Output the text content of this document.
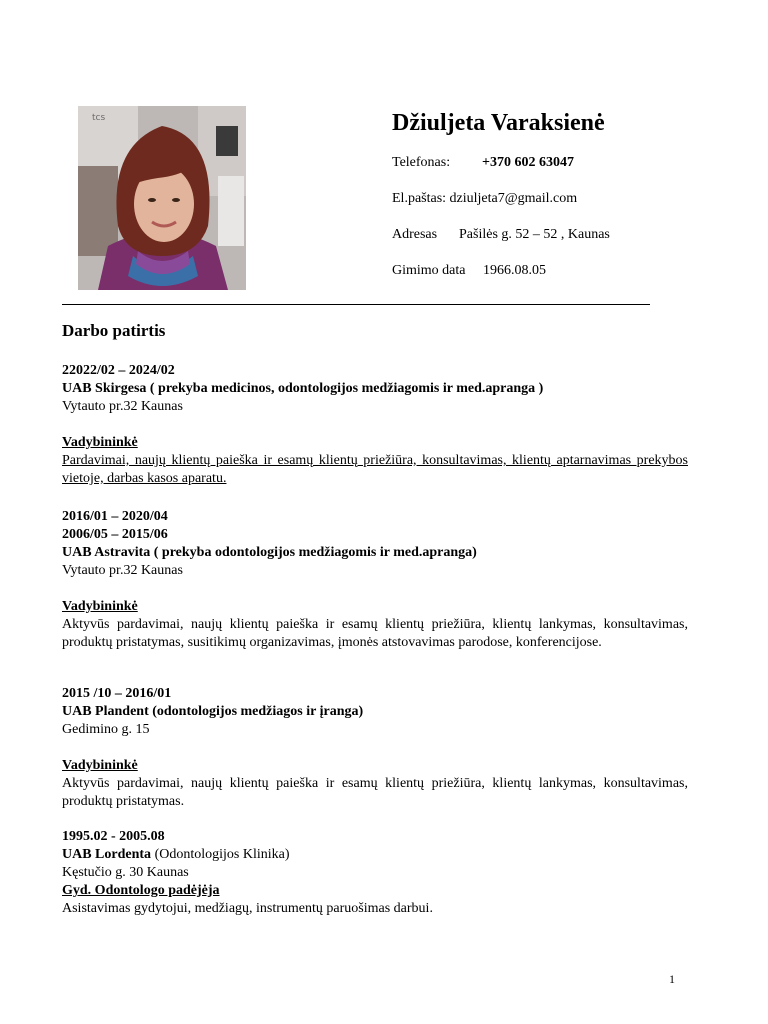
tcs	Džiuljeta Varaksienė
Telefonas: +370 602 63047
El.paštas: dziuljeta7@gmail.com
Adresas Pašilės g. 52 – 52 , Kaunas
Gimimo data 1966.08.05
Darbo patirtis
22022/02 – 2024/02
UAB Skirgesa ( prekyba medicinos, odontologijos medžiagomis ir med.apranga )
Vytauto pr.32 Kaunas
Vadybininkė
Pardavimai, naujų klientų paieška ir esamų klientų priežiūra, konsultavimas, klientų aptarnavimas prekybos vietoje, darbas kasos aparatu.
2016/01 – 2020/04
2006/05 – 2015/06
UAB Astravita ( prekyba odontologijos medžiagomis ir med.apranga)
Vytauto pr.32 Kaunas
Vadybininkė
Aktyvūs pardavimai, naujų klientų paieška ir esamų klientų priežiūra, klientų lankymas, konsultavimas, produktų pristatymas, susitikimų organizavimas, įmonės atstovavimas parodose, konferencijose.
2015 /10 – 2016/01
UAB Plandent (odontologijos medžiagos ir įranga)
Gedimino g. 15
Vadybininkė
Aktyvūs pardavimai, naujų klientų paieška ir esamų klientų priežiūra, klientų lankymas, konsultavimas, produktų pristatymas.
1995.02 - 2005.08
UAB Lordenta (Odontologijos Klinika)
Kęstučio g. 30 Kaunas
Gyd. Odontologo padėjėja
Asistavimas gydytojui, medžiagų, instrumentų paruošimas darbui.
1
